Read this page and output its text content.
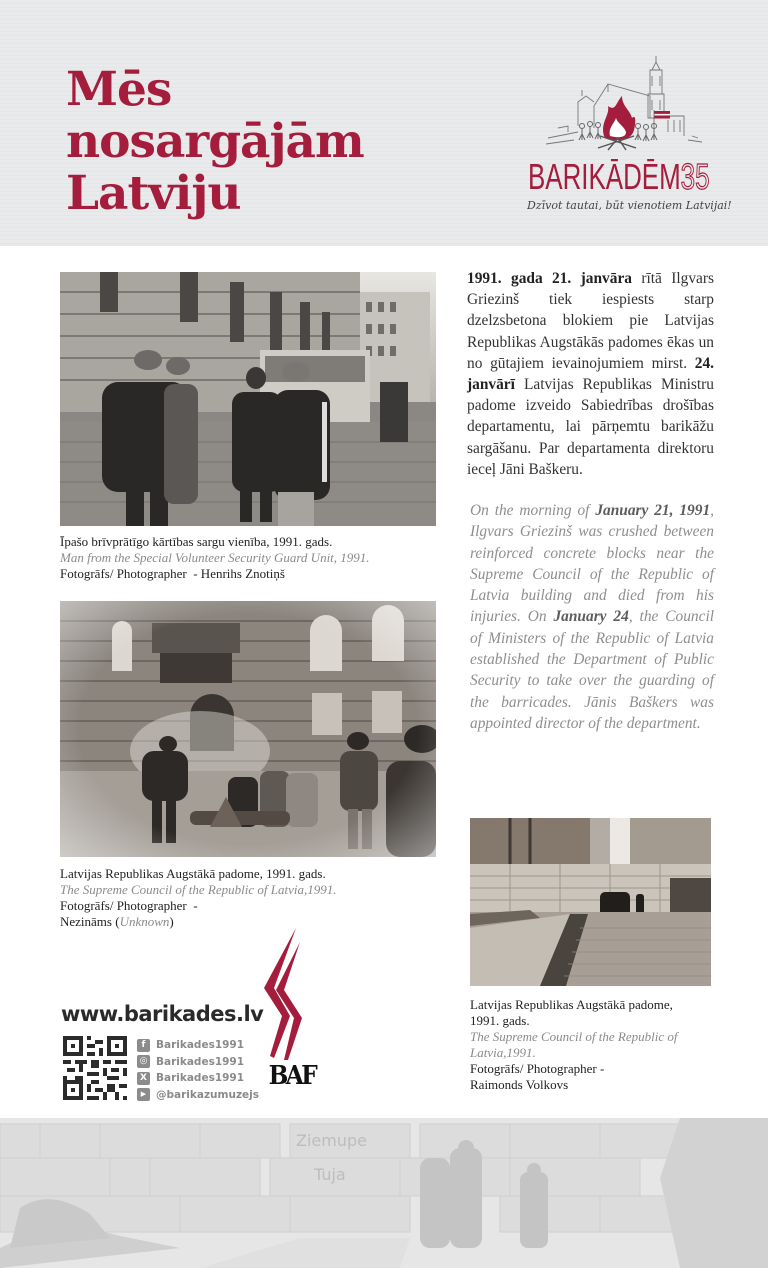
Mēs
nosargājām
Latviju	BARIKĀDĒM35
Dzīvot tautai, būt vienotiem Latvijai!
Īpašo brīvprātīgo kārtības sargu vienība, 1991. gads.
Man from the Special Volunteer Security Guard Unit, 1991.
Fotogrāfs/ Photographer  - Henrihs Znotiņš
Latvijas Republikas Augstākā padome, 1991. gads.
The Supreme Council of the Republic of Latvia,1991.
Fotogrāfs/ Photographer  -
Nezināms (Unknown)

1991. gada 21. janvāra rītā Ilgvars Griezinš tiek iespiests starp dzelzsbetona blokiem pie Latvijas Republikas Augstākās padomes ēkas un no gūtajiem ievainojumiem mirst. 24. janvārī Latvijas Republikas Ministru padome izveido Sabiedrības drošības departamentu, lai pārņemtu barikāžu sargāšanu. Par departamenta direktoru ieceļ Jāni Baškeru.

On the morning of January 21, 1991, Ilgvars Griezinš was crushed between reinforced concrete blocks near the Supreme Council of the Republic of Latvia building and died from his injuries. On January 24, the Council of Ministers of the Republic of Latvia established the Department of Public Security to take over the guarding of the barricades. Jānis Baškers was appointed director of the department.

Latvijas Republikas Augstākā padome,
1991. gads.
The Supreme Council of the Republic of
Latvia,1991.
Fotogrāfs/ Photographer -
Raimonds Volkovs
www.barikades.lv
f	Barikades1991
◎ Barikades1991
X Barikades1991
▶ @barikazumuzejs
BAF
Ziemupe
Tuja
